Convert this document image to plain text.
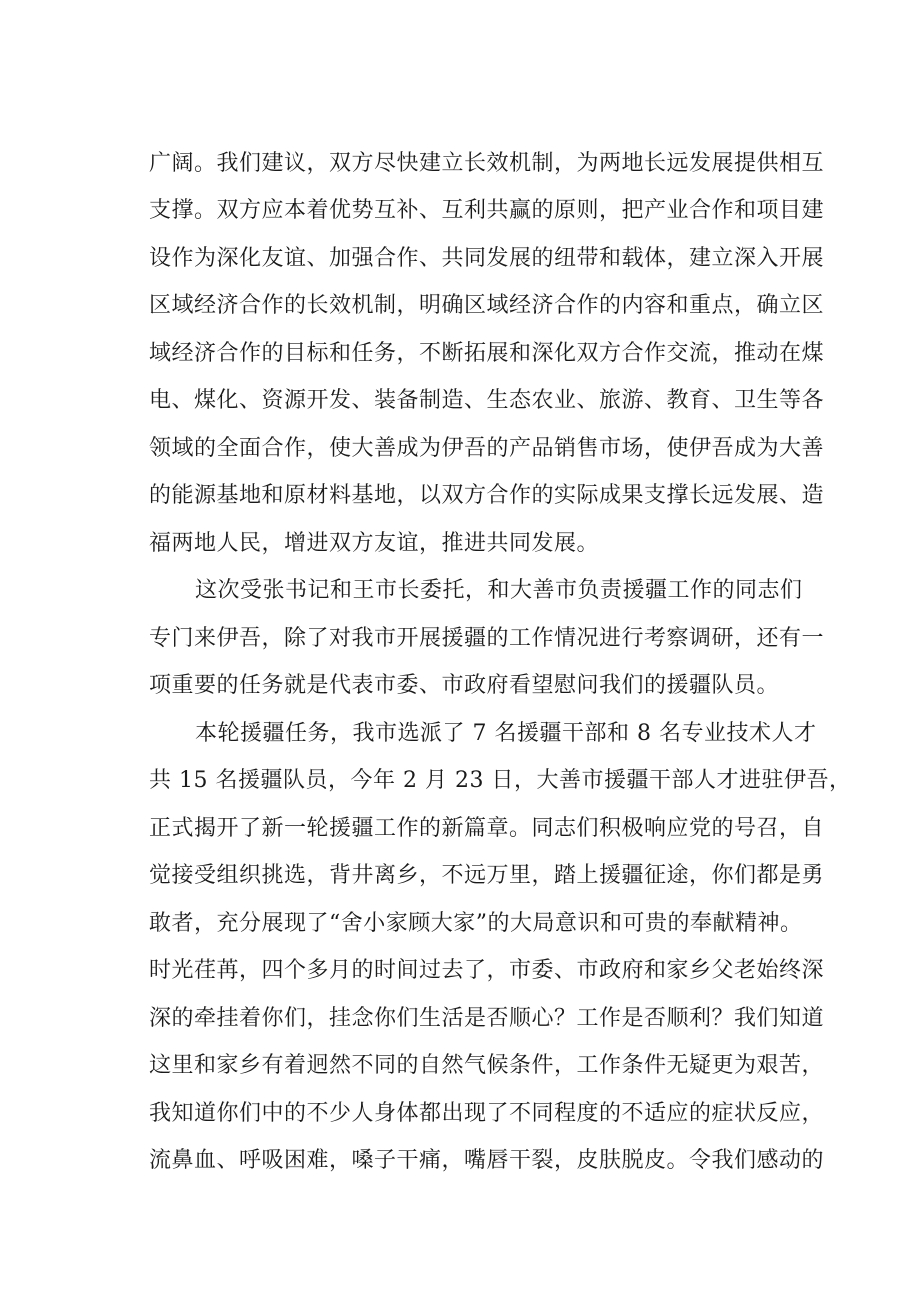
广阔。我们建议，双方尽快建立长效机制，为两地长远发展提供相互
支撑。双方应本着优势互补、互利共赢的原则，把产业合作和项目建
设作为深化友谊、加强合作、共同发展的纽带和载体，建立深入开展
区域经济合作的长效机制，明确区域经济合作的内容和重点，确立区
域经济合作的目标和任务，不断拓展和深化双方合作交流，推动在煤
电、煤化、资源开发、装备制造、生态农业、旅游、教育、卫生等各
领域的全面合作，使大善成为伊吾的产品销售市场，使伊吾成为大善
的能源基地和原材料基地，以双方合作的实际成果支撑长远发展、造
福两地人民，增进双方友谊，推进共同发展。
这次受张书记和王市长委托，和大善市负责援疆工作的同志们
专门来伊吾，除了对我市开展援疆的工作情况进行考察调研，还有一
项重要的任务就是代表市委、市政府看望慰问我们的援疆队员。
本轮援疆任务，我市选派了 7 名援疆干部和 8 名专业技术人才
共 15 名援疆队员，今年 2 月 23 日，大善市援疆干部人才进驻伊吾，
正式揭开了新一轮援疆工作的新篇章。同志们积极响应党的号召，自
觉接受组织挑选，背井离乡，不远万里，踏上援疆征途，你们都是勇
敢者，充分展现了“舍小家顾大家”的大局意识和可贵的奉献精神。
时光荏苒，四个多月的时间过去了，市委、市政府和家乡父老始终深
深的牵挂着你们，挂念你们生活是否顺心？工作是否顺利？我们知道
这里和家乡有着迥然不同的自然气候条件，工作条件无疑更为艰苦，
我知道你们中的不少人身体都出现了不同程度的不适应的症状反应，
流鼻血、呼吸困难，嗓子干痛，嘴唇干裂，皮肤脱皮。令我们感动的
